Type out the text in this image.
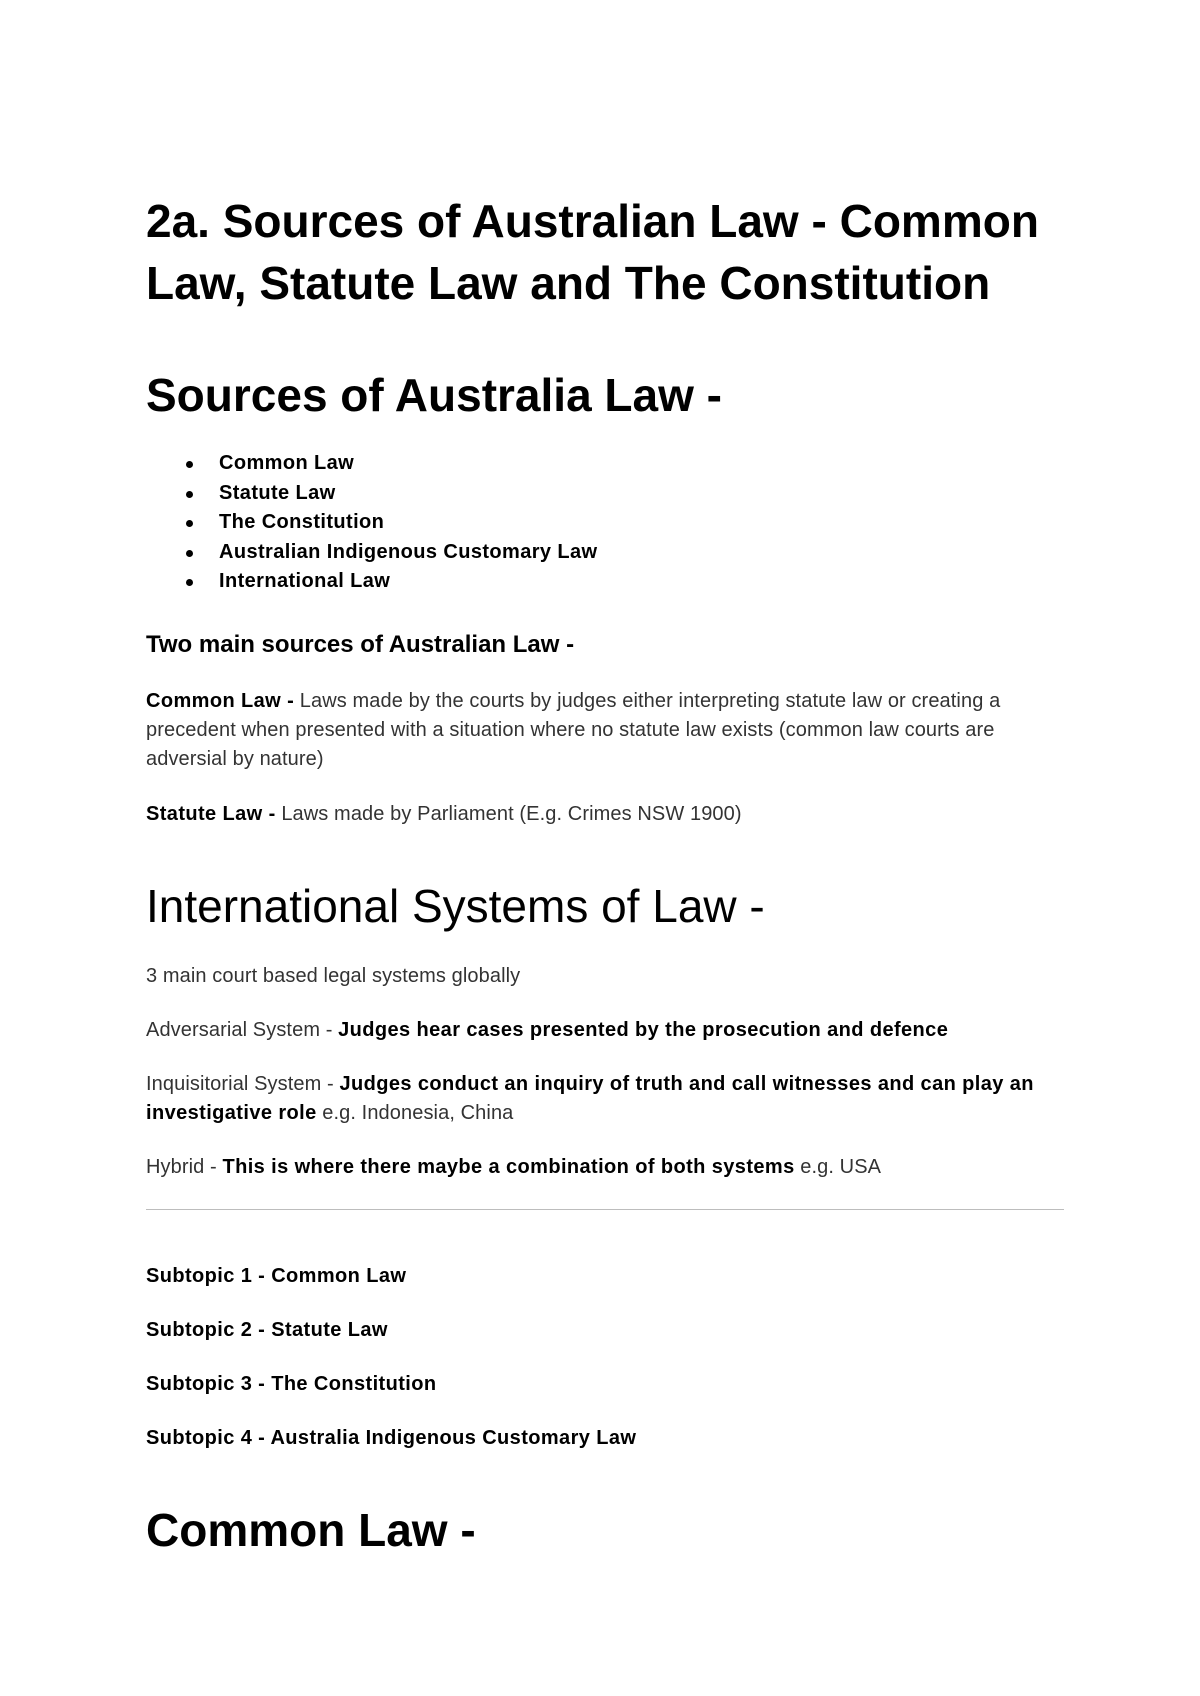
2a. Sources of Australian Law - Common Law, Statute Law and The Constitution
Sources of Australia Law -
Common Law
Statute Law
The Constitution
Australian Indigenous Customary Law
International Law
Two main sources of Australian Law -

Common Law - Laws made by the courts by judges either interpreting statute law or creating a precedent when presented with a situation where no statute law exists (common law courts are adversial by nature)

Statute Law - Laws made by Parliament (E.g. Crimes NSW 1900)

International Systems of Law -

3 main court based legal systems globally

Adversarial System - Judges hear cases presented by the prosecution and defence

Inquisitorial System - Judges conduct an inquiry of truth and call witnesses and can play an investigative role e.g. Indonesia, China

Hybrid - This is where there maybe a combination of both systems e.g. USA

Subtopic 1 - Common Law

Subtopic 2 - Statute Law

Subtopic 3 - The Constitution

Subtopic 4 - Australia Indigenous Customary Law

Common Law -
